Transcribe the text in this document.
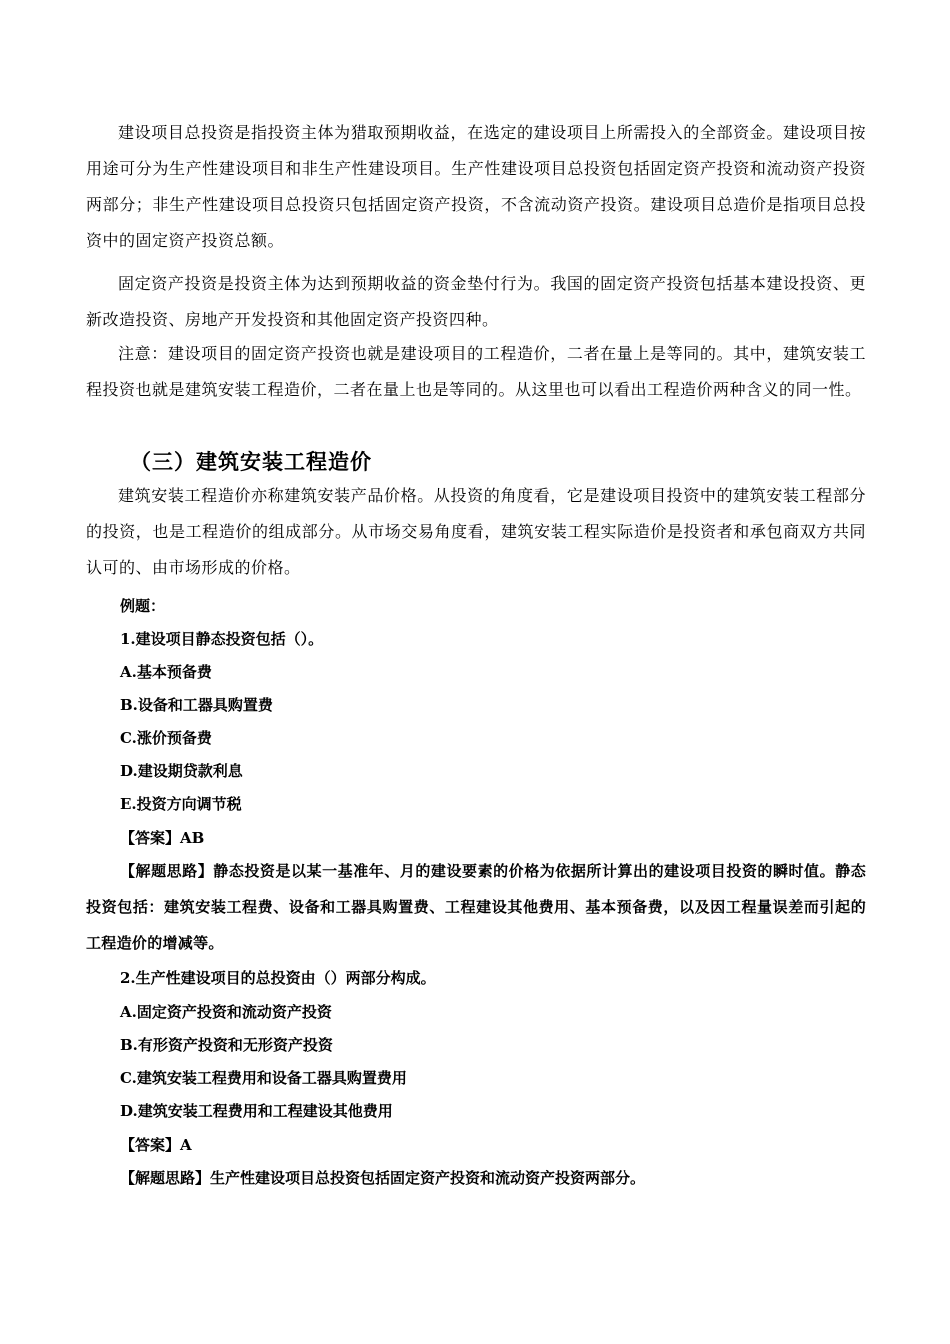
建设项目总投资是指投资主体为猎取预期收益，在选定的建设项目上所需投入的全部资金。建设项目按用途可分为生产性建设项目和非生产性建设项目。生产性建设项目总投资包括固定资产投资和流动资产投资两部分；非生产性建设项目总投资只包括固定资产投资，不含流动资产投资。建设项目总造价是指项目总投资中的固定资产投资总额。
固定资产投资是投资主体为达到预期收益的资金垫付行为。我国的固定资产投资包括基本建设投资、更新改造投资、房地产开发投资和其他固定资产投资四种。
注意：建设项目的固定资产投资也就是建设项目的工程造价，二者在量上是等同的。其中，建筑安装工程投资也就是建筑安装工程造价，二者在量上也是等同的。从这里也可以看出工程造价两种含义的同一性。
（三）建筑安装工程造价
建筑安装工程造价亦称建筑安装产品价格。从投资的角度看，它是建设项目投资中的建筑安装工程部分的投资，也是工程造价的组成部分。从市场交易角度看，建筑安装工程实际造价是投资者和承包商双方共同认可的、由市场形成的价格。
例题：
1.建设项目静态投资包括（）。
A.基本预备费
B.设备和工器具购置费
C.涨价预备费
D.建设期贷款利息
E.投资方向调节税
【答案】AB
【解题思路】静态投资是以某一基准年、月的建设要素的价格为依据所计算出的建设项目投资的瞬时值。静态投资包括：建筑安装工程费、设备和工器具购置费、工程建设其他费用、基本预备费，以及因工程量误差而引起的工程造价的增减等。
2.生产性建设项目的总投资由（）两部分构成。
A.固定资产投资和流动资产投资
B.有形资产投资和无形资产投资
C.建筑安装工程费用和设备工器具购置费用
D.建筑安装工程费用和工程建设其他费用
【答案】A
【解题思路】生产性建设项目总投资包括固定资产投资和流动资产投资两部分。
